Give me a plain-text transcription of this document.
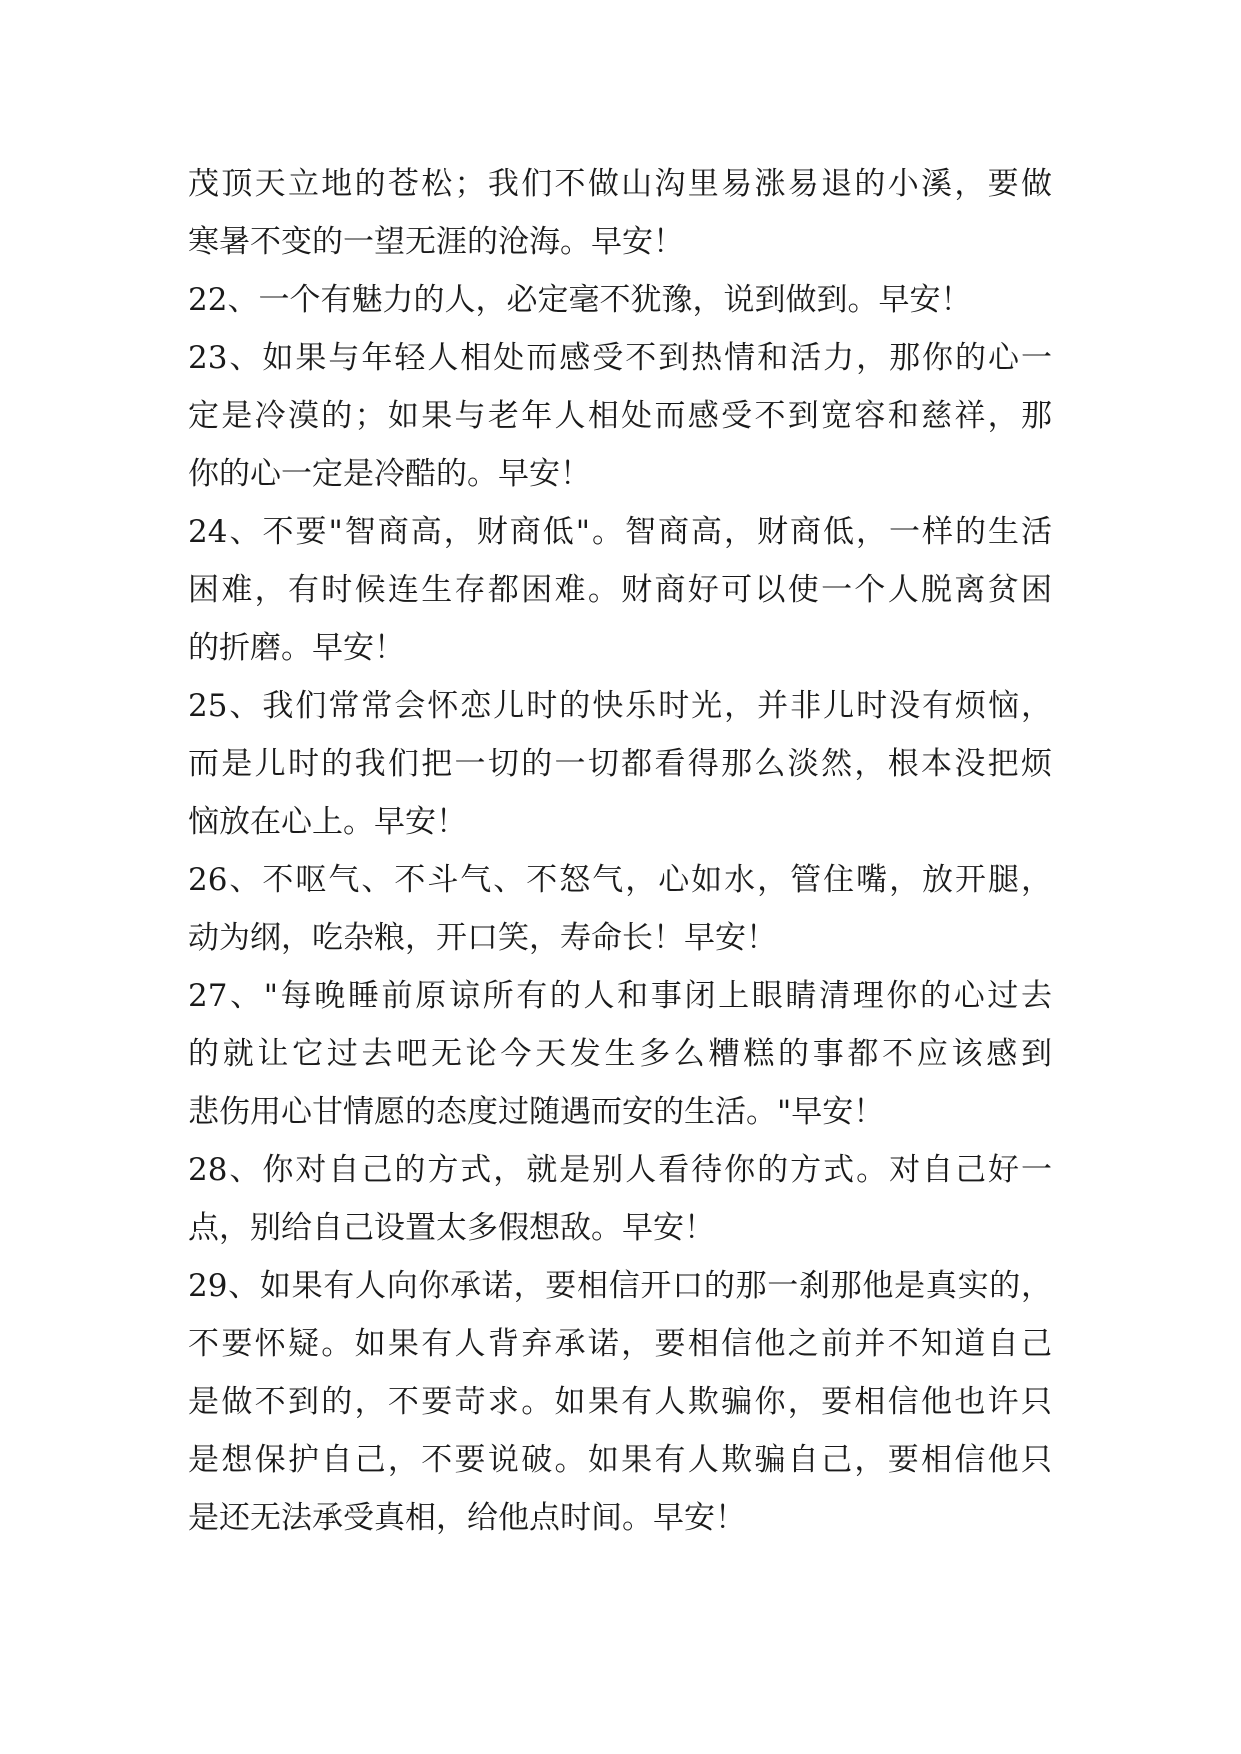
茂顶天立地的苍松；我们不做山沟里易涨易退的小溪，要做

寒暑不变的一望无涯的沧海。早安！

22、一个有魅力的人，必定毫不犹豫，说到做到。早安！

23、如果与年轻人相处而感受不到热情和活力，那你的心一

定是冷漠的；如果与老年人相处而感受不到宽容和慈祥，那

你的心一定是冷酷的。早安！

24、不要"智商高，财商低"。智商高，财商低，一样的生活

困难，有时候连生存都困难。财商好可以使一个人脱离贫困

的折磨。早安！

25、我们常常会怀恋儿时的快乐时光，并非儿时没有烦恼，

而是儿时的我们把一切的一切都看得那么淡然，根本没把烦

恼放在心上。早安！

26、不呕气、不斗气、不怒气，心如水，管住嘴，放开腿，

动为纲，吃杂粮，开口笑，寿命长！早安！

27、"每晚睡前原谅所有的人和事闭上眼睛清理你的心过去

的就让它过去吧无论今天发生多么糟糕的事都不应该感到

悲伤用心甘情愿的态度过随遇而安的生活。"早安！

28、你对自己的方式，就是别人看待你的方式。对自己好一

点，别给自己设置太多假想敌。早安！

29、如果有人向你承诺，要相信开口的那一刹那他是真实的，

不要怀疑。如果有人背弃承诺，要相信他之前并不知道自己

是做不到的，不要苛求。如果有人欺骗你，要相信他也许只

是想保护自己，不要说破。如果有人欺骗自己，要相信他只

是还无法承受真相，给他点时间。早安！
